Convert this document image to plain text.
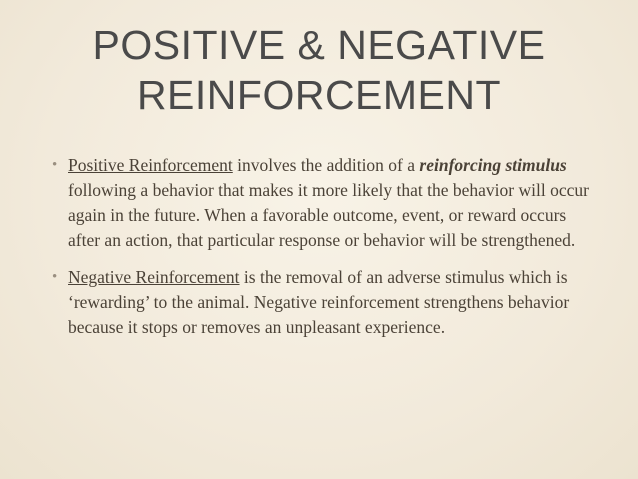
POSITIVE & NEGATIVE
REINFORCEMENT
• Positive Reinforcement involves the addition of a reinforcing stimulus following a behavior that makes it more likely that the behavior will occur again in the future. When a favorable outcome, event, or reward occurs after an action, that particular response or behavior will be strengthened.
• Negative Reinforcement is the removal of an adverse stimulus which is ‘rewarding’ to the animal. Negative reinforcement strengthens behavior because it stops or removes an unpleasant experience.
